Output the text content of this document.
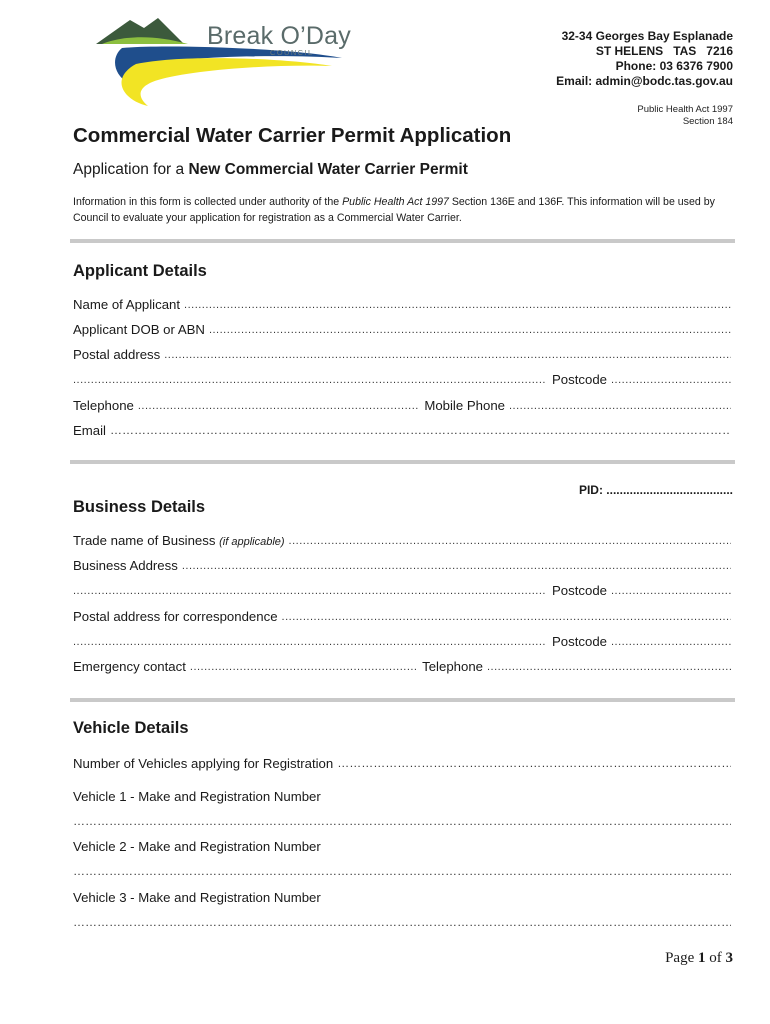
Break O’Day
COUNCIL
32-34 Georges Bay Esplanade
ST HELENS   TAS   7216
Phone: 03 6376 7900
Email: admin@bodc.tas.gov.au
Public Health Act 1997
Section 184
Commercial Water Carrier Permit Application
Application for a New Commercial Water Carrier Permit
Information in this form is collected under authority of the Public Health Act 1997 Section 136E and 136F. This information will be used by Council to evaluate your application for registration as a Commercial Water Carrier.
Applicant Details
Name of Applicant
.....
Applicant DOB or ABN
.....
Postal address
.....
.....
Postcode
.....
Telephone .....	Mobile Phone
.....
Email
……………………………………………………………………………………………………………………………………………………………………………………………………………
PID: .....
Business Details
Trade name of Business (if applicable)
.....
Business Address
.....
.....
Postcode
.....
Postal address for correspondence
.....
.....
Postcode
.....
Emergency contact .....	Telephone
.....
Vehicle Details
Number of Vehicles applying for Registration
……………………………………………………………………………………………………………………………………………………………………………………………………………
Vehicle 1 - Make and Registration Number
……………………………………………………………………………………………………………………………………………………………………………………………………………
Vehicle 2 - Make and Registration Number
……………………………………………………………………………………………………………………………………………………………………………………………………………
Vehicle 3 - Make and Registration Number
……………………………………………………………………………………………………………………………………………………………………………………………………………
Page 1 of 3
